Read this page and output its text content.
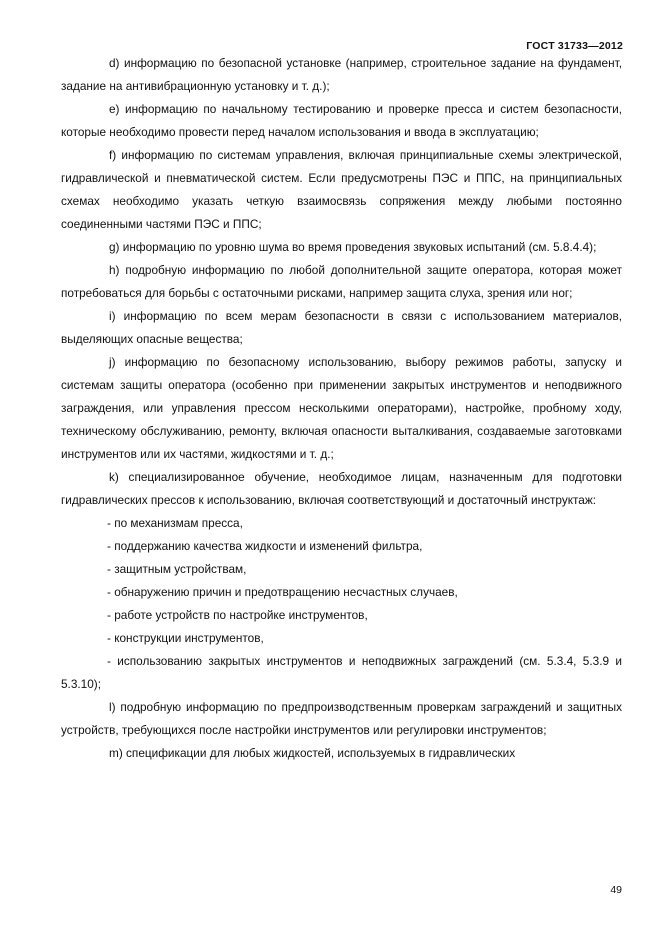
ГОСТ 31733—2012

d) информацию по безопасной установке (например, строительное задание на фундамент, задание на антивибрационную установку и т. д.);

e) информацию по начальному тестированию и проверке пресса и систем безопасности, которые необходимо провести перед началом использования и ввода в эксплуатацию;

f) информацию по системам управления, включая принципиальные схемы электрической, гидравлической и пневматической систем. Если предусмотрены ПЭС и ППС, на принципиальных схемах необходимо указать четкую взаимосвязь сопряжения между любыми постоянно соединенными частями ПЭС и ППС;

g) информацию по уровню шума во время проведения звуковых испытаний (см. 5.8.4.4);

h) подробную информацию по любой дополнительной защите оператора, которая может потребоваться для борьбы с остаточными рисками, например защита слуха, зрения или ног;

i) информацию по всем мерам безопасности в связи с использованием материалов, выделяющих опасные вещества;

j) информацию по безопасному использованию, выбору режимов работы, запуску и системам защиты оператора (особенно при применении закрытых инструментов и неподвижного заграждения, или управления прессом несколькими операторами), настройке, пробному ходу, техническому обслуживанию, ремонту, включая опасности выталкивания, создаваемые заготовками инструментов или их частями, жидкостями и т. д.;

k) специализированное обучение, необходимое лицам, назначенным для подготовки гидравлических прессов к использованию, включая соответствующий и достаточный инструктаж:

- по механизмам пресса,

- поддержанию качества жидкости и изменений фильтра,

- защитным устройствам,

- обнаружению причин и предотвращению несчастных случаев,

- работе устройств по настройке инструментов,

- конструкции инструментов,

- использованию закрытых инструментов и неподвижных заграждений (см. 5.3.4, 5.3.9 и 5.3.10);

l) подробную информацию по предпроизводственным проверкам заграждений и защитных устройств, требующихся после настройки инструментов или регулировки инструментов;

m) спецификации для любых жидкостей, используемых в гидравлических

49
